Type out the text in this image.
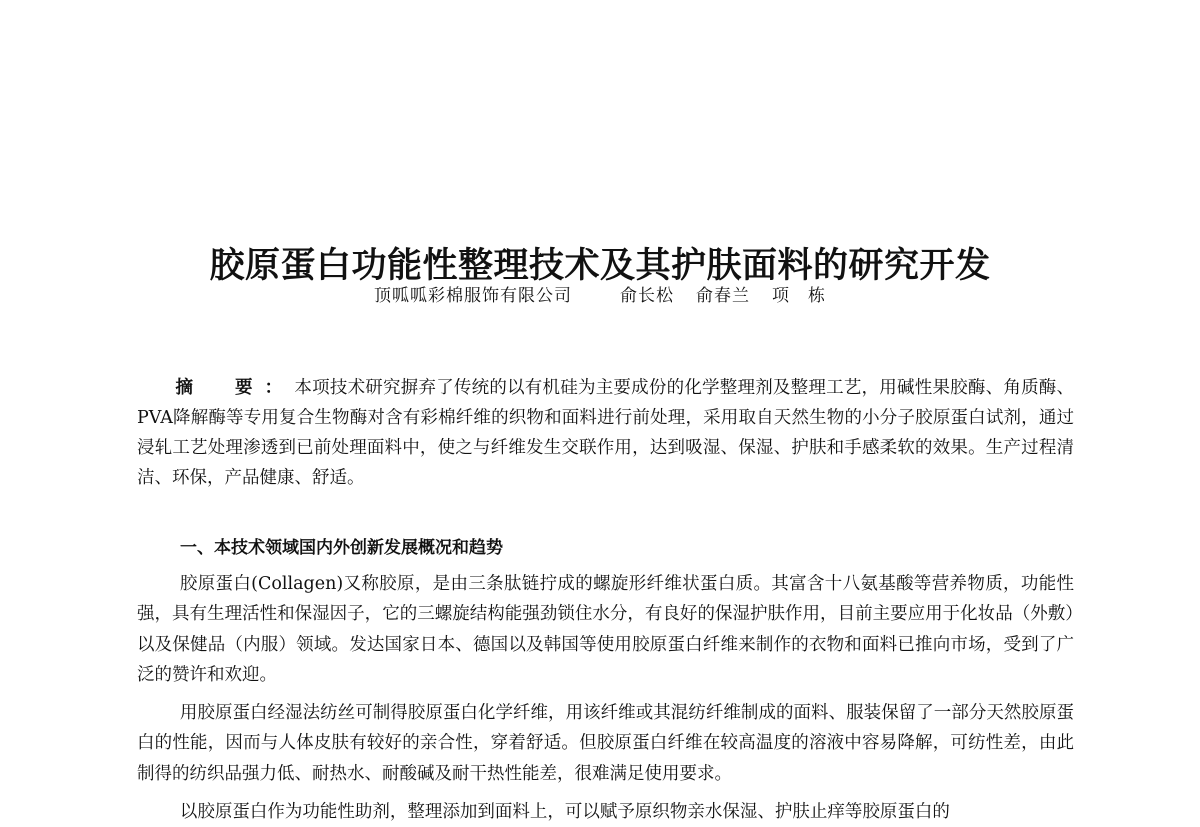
胶原蛋白功能性整理技术及其护肤面料的研究开发
顶呱呱彩棉服饰有限公司	俞长松 俞春兰 项　栋

摘　要：本项技术研究摒弃了传统的以有机硅为主要成份的化学整理剂及整理工艺，用碱性果胶酶、角质酶、PVA降解酶等专用复合生物酶对含有彩棉纤维的织物和面料进行前处理，采用取自天然生物的小分子胶原蛋白试剂，通过浸轧工艺处理渗透到已前处理面料中，使之与纤维发生交联作用，达到吸湿、保湿、护肤和手感柔软的效果。生产过程清洁、环保，产品健康、舒适。

一、本技术领域国内外创新发展概况和趋势

胶原蛋白(Collagen)又称胶原，是由三条肽链拧成的螺旋形纤维状蛋白质。其富含十八氨基酸等营养物质，功能性强，具有生理活性和保湿因子，它的三螺旋结构能强劲锁住水分，有良好的保湿护肤作用，目前主要应用于化妆品（外敷）以及保健品（内服）领域。发达国家日本、德国以及韩国等使用胶原蛋白纤维来制作的衣物和面料已推向市场，受到了广泛的赞许和欢迎。

用胶原蛋白经湿法纺丝可制得胶原蛋白化学纤维，用该纤维或其混纺纤维制成的面料、服装保留了一部分天然胶原蛋白的性能，因而与人体皮肤有较好的亲合性，穿着舒适。但胶原蛋白纤维在较高温度的溶液中容易降解，可纺性差，由此制得的纺织品强力低、耐热水、耐酸碱及耐干热性能差，很难满足使用要求。

以胶原蛋白作为功能性助剂，整理添加到面料上，可以赋予原织物亲水保湿、护肤止痒等胶原蛋白的
